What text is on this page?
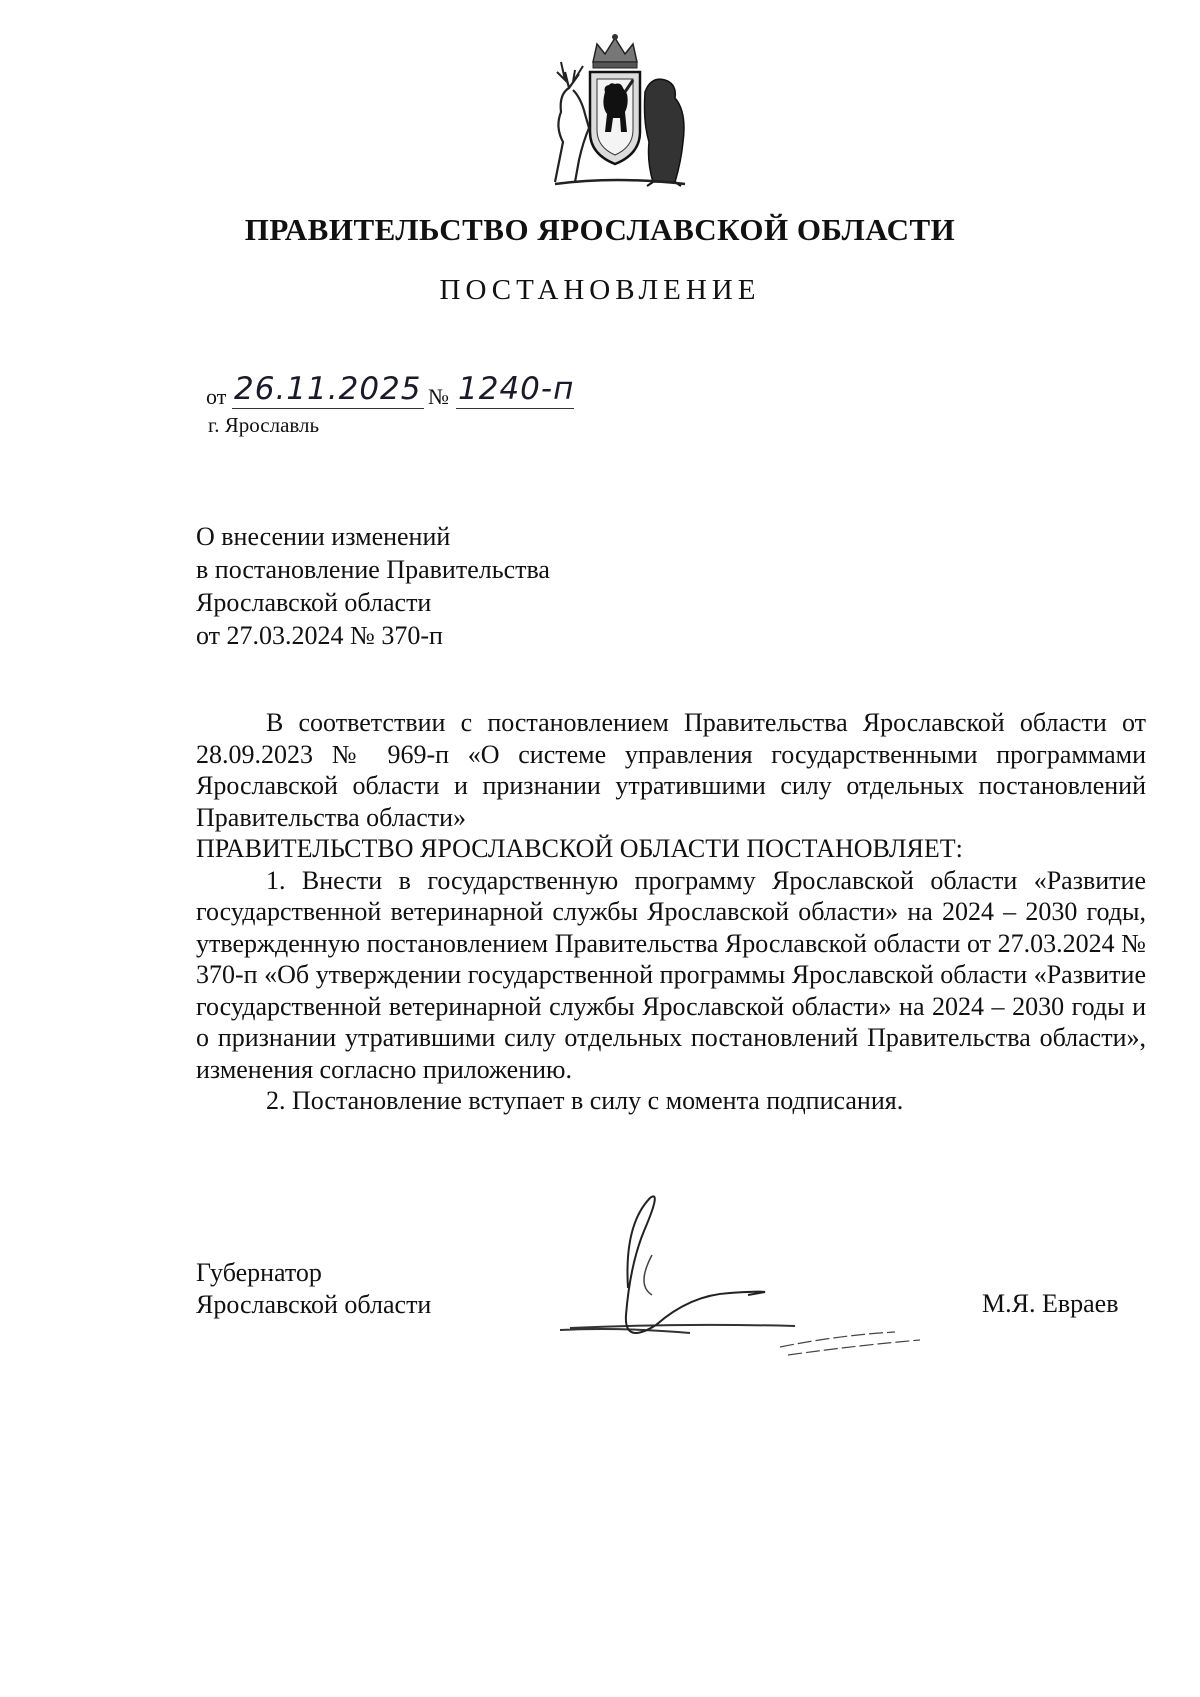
ПРАВИТЕЛЬСТВО ЯРОСЛАВСКОЙ ОБЛАСТИ
ПОСТАНОВЛЕНИЕ
от 26.11.2025 № 1240-п
г. Ярославль
О внесении изменений
в постановление Правительства
Ярославской области
от 27.03.2024 № 370-п

В соответствии с постановлением Правительства Ярославской области от 28.09.2023 № 969-п «О системе управления государственными программами Ярославской области и признании утратившими силу отдельных постановлений Правительства области»

ПРАВИТЕЛЬСТВО ЯРОСЛАВСКОЙ ОБЛАСТИ ПОСТАНОВЛЯЕТ:

1. Внести в государственную программу Ярославской области «Развитие государственной ветеринарной службы Ярославской области» на 2024 – 2030 годы, утвержденную постановлением Правительства Ярославской области от 27.03.2024 № 370-п «Об утверждении государственной программы Ярославской области «Развитие государственной ветеринарной службы Ярославской области» на 2024 – 2030 годы и о признании утратившими силу отдельных постановлений Правительства области», изменения согласно приложению.

2. Постановление вступает в силу с момента подписания.

Губернатор
Ярославской области	М.Я. Евраев
